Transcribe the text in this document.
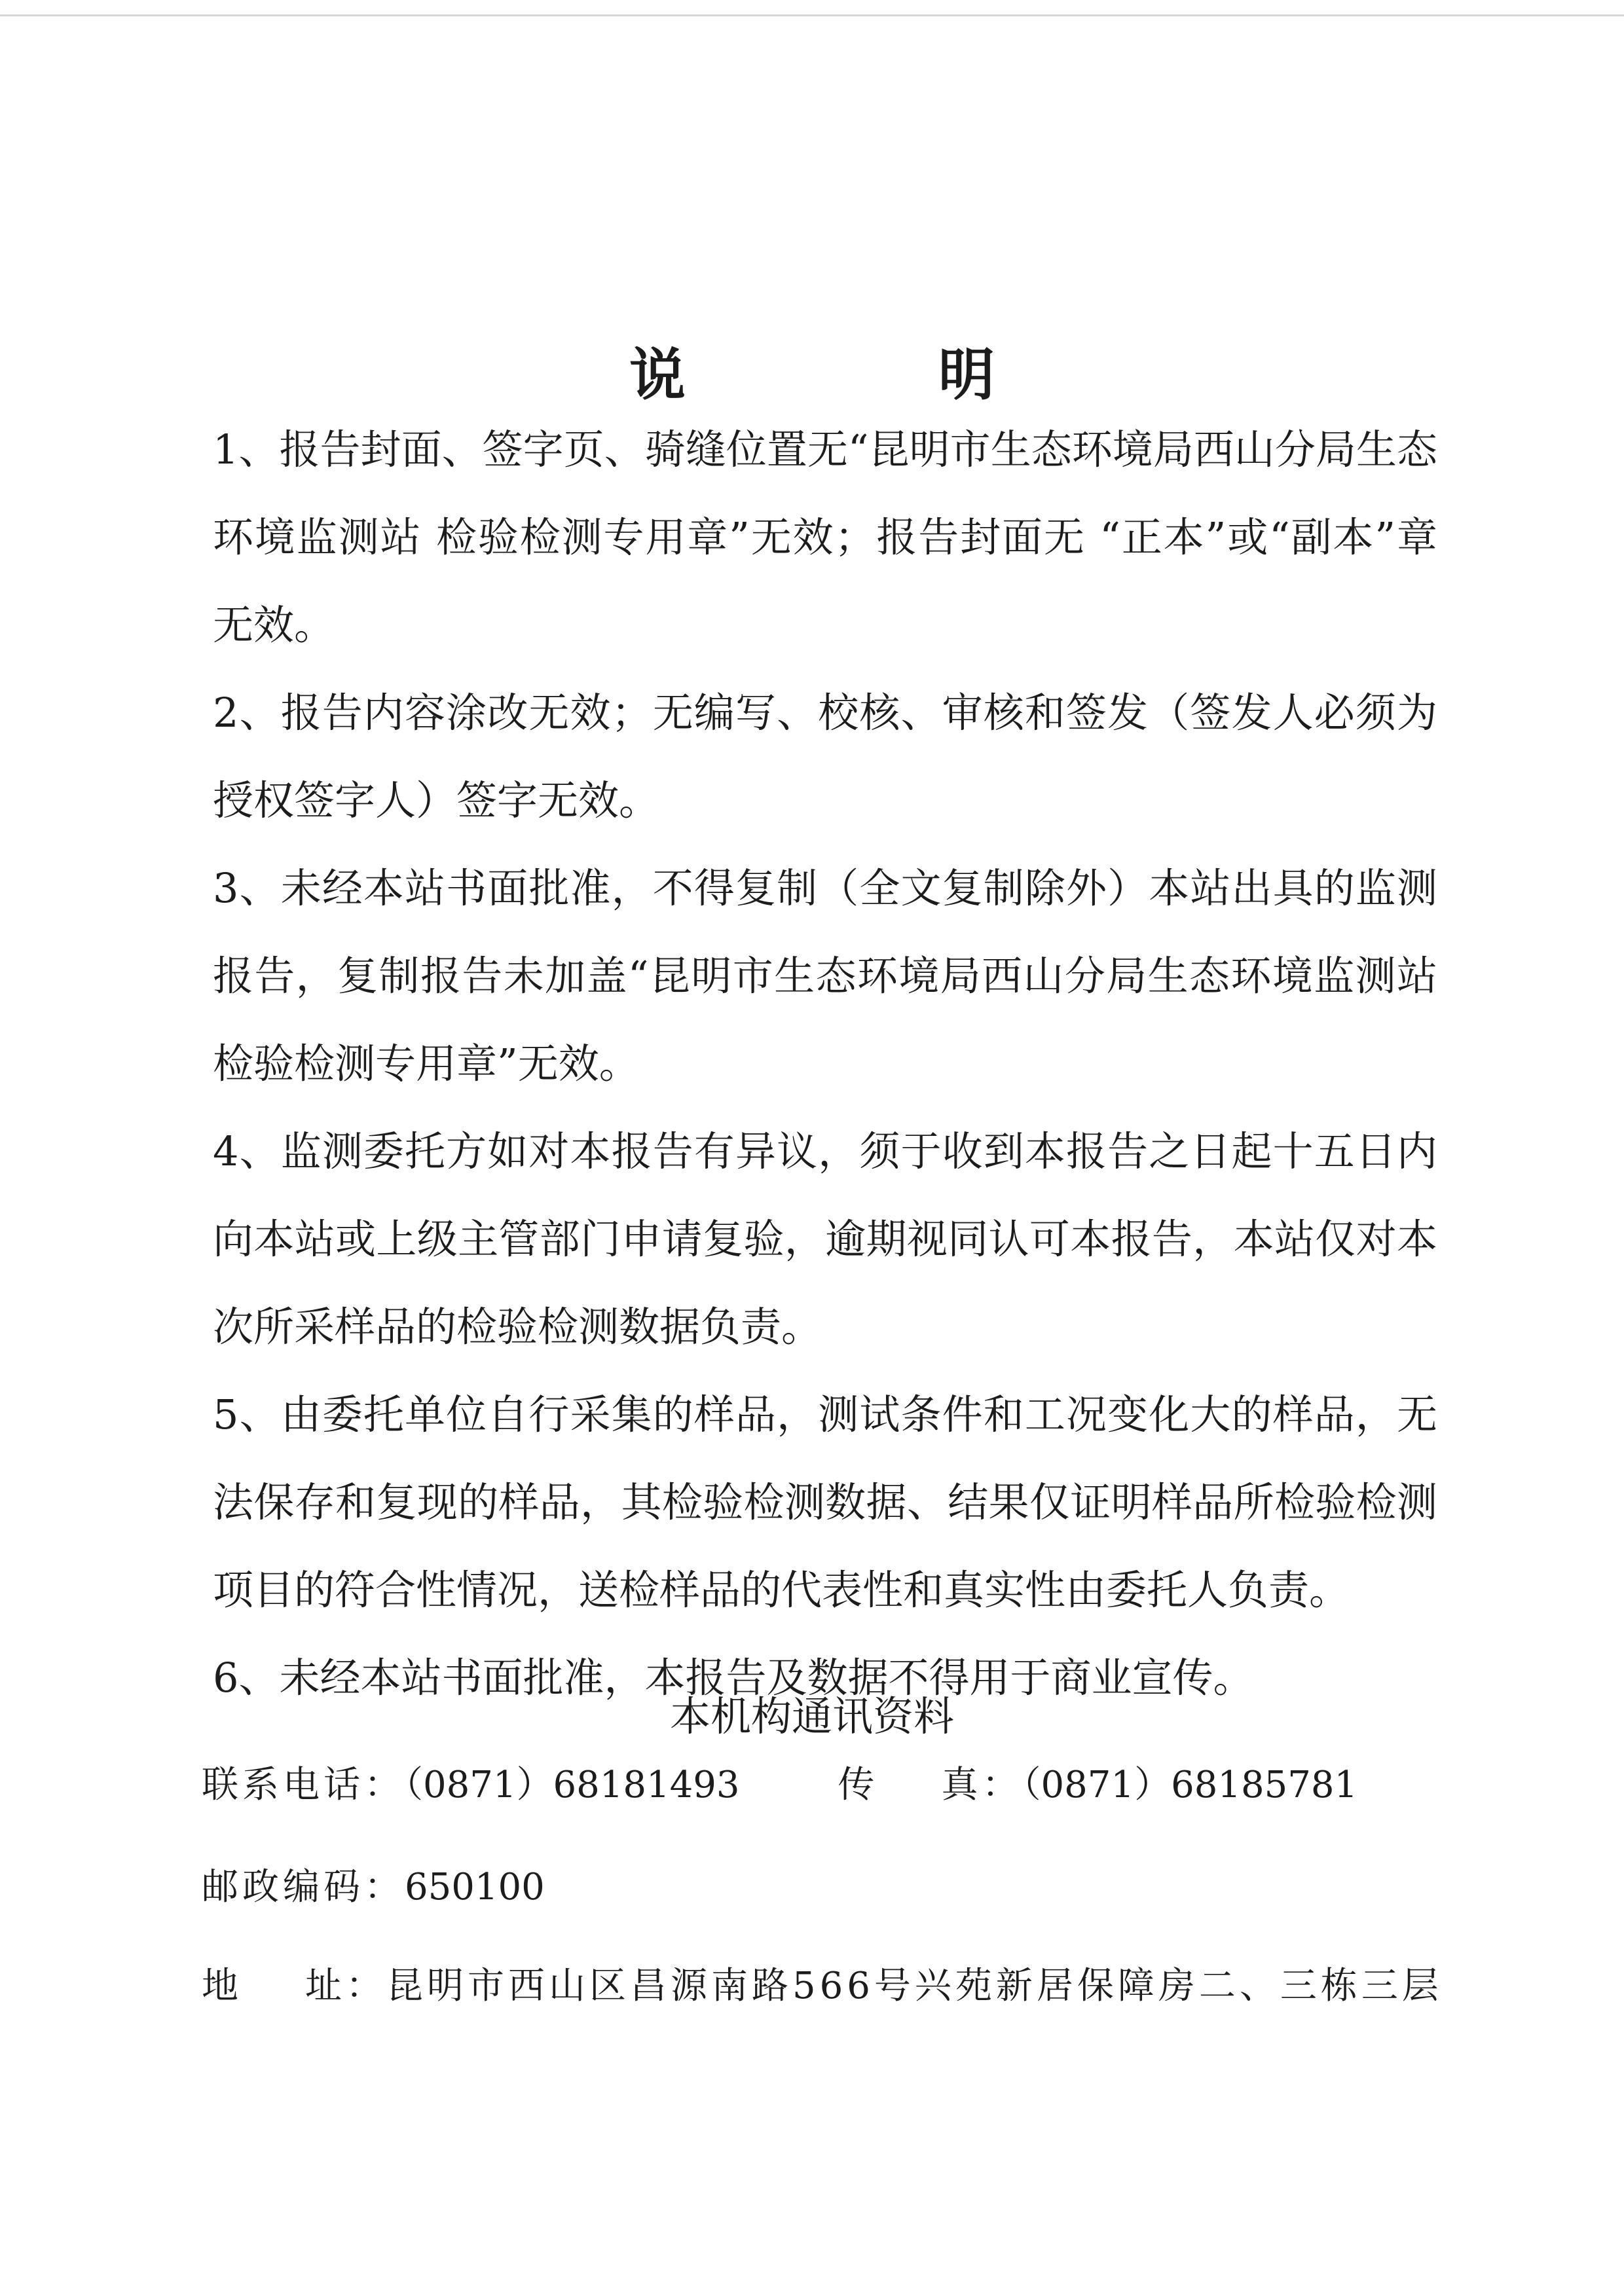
说　明
1、报告封面、签字页、骑缝位置无“昆明市生态环境局西山分局生态环境监测站 检验检测专用章”无效；报告封面无 “正本”或“副本”章无效。
2、报告内容涂改无效；无编写、校核、审核和签发（签发人必须为授权签字人）签字无效。
3、未经本站书面批准，不得复制（全文复制除外）本站出具的监测报告，复制报告未加盖“昆明市生态环境局西山分局生态环境监测站 检验检测专用章”无效。
4、监测委托方如对本报告有异议，须于收到本报告之日起十五日内向本站或上级主管部门申请复验，逾期视同认可本报告，本站仅对本次所采样品的检验检测数据负责。
5、由委托单位自行采集的样品，测试条件和工况变化大的样品，无法保存和复现的样品，其检验检测数据、结果仅证明样品所检验检测项目的符合性情况，送检样品的代表性和真实性由委托人负责。
6、未经本站书面批准，本报告及数据不得用于商业宣传。
本机构通讯资料
联系电话：（0871）68181493	传 真：（0871）68185781
邮政编码：650100
地 址：昆明市西山区昌源南路566号兴苑新居保障房二、三栋三层
